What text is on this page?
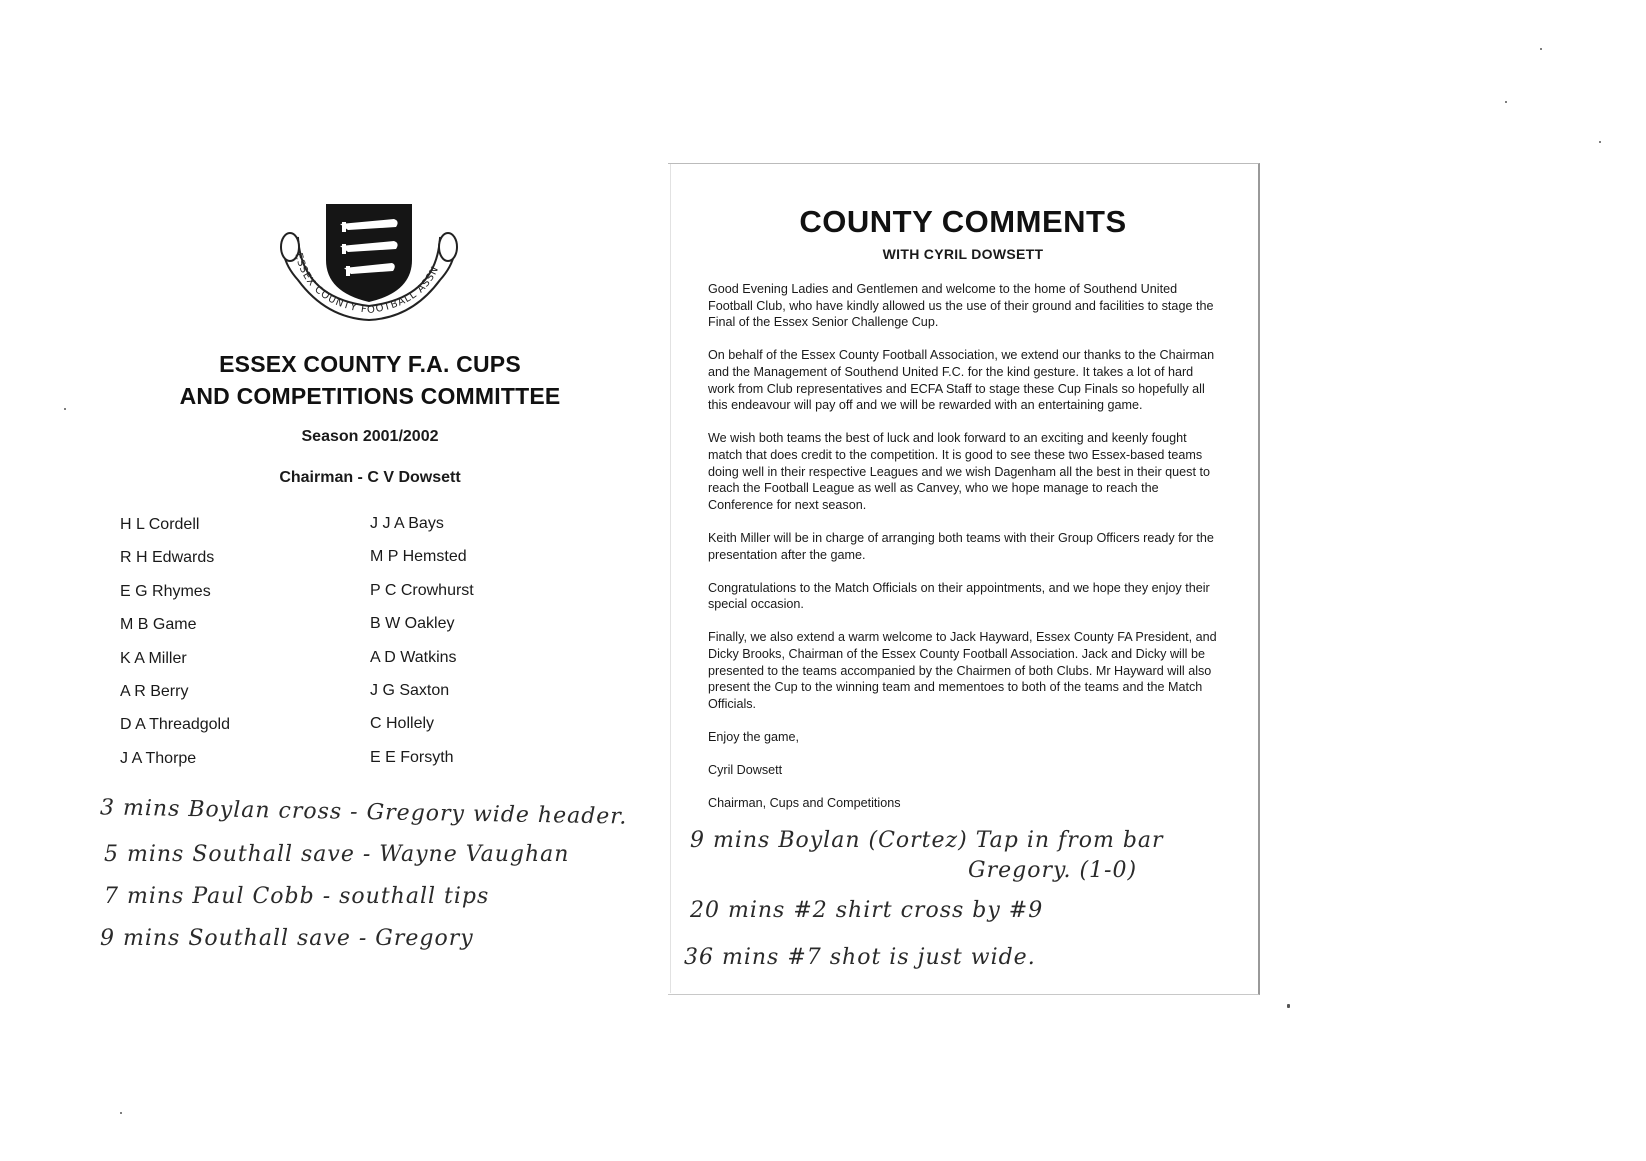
ESSEX COUNTY FOOTBALL ASSN
ESSEX COUNTY F.A. CUPS
AND COMPETITIONS COMMITTEE
Season 2001/2002
Chairman - C V Dowsett
H L Cordell
R H Edwards
E G Rhymes
M B Game
K A Miller
A R Berry
D A Threadgold
J A Thorpe
J J A Bays
M P Hemsted
P C Crowhurst
B W Oakley
A D Watkins
J G Saxton
C Hollely
E E Forsyth
3 mins Boylan cross - Gregory wide header.
5 mins Southall save - Wayne Vaughan
7 mins Paul Cobb - southall tips
9 mins Southall save - Gregory
COUNTY COMMENTS
WITH CYRIL DOWSETT

Good Evening Ladies and Gentlemen and welcome to the home of Southend United Football Club, who have kindly allowed us the use of their ground and facilities to stage the Final of the Essex Senior Challenge Cup.

On behalf of the Essex County Football Association, we extend our thanks to the Chairman and the Management of Southend United F.C. for the kind gesture. It takes a lot of hard work from Club representatives and ECFA Staff to stage these Cup Finals so hopefully all this endeavour will pay off and we will be rewarded with an entertaining game.

We wish both teams the best of luck and look forward to an exciting and keenly fought match that does credit to the competition. It is good to see these two Essex-based teams doing well in their respective Leagues and we wish Dagenham all the best in their quest to reach the Football League as well as Canvey, who we hope manage to reach the Conference for next season.

Keith Miller will be in charge of arranging both teams with their Group Officers ready for the presentation after the game.

Congratulations to the Match Officials on their appointments, and we hope they enjoy their special occasion.

Finally, we also extend a warm welcome to Jack Hayward, Essex County FA President, and Dicky Brooks, Chairman of the Essex County Football Association. Jack and Dicky will be presented to the teams accompanied by the Chairmen of both Clubs. Mr Hayward will also present the Cup to the winning team and mementoes to both of the teams and the Match Officials.

Enjoy the game,

Cyril Dowsett

Chairman, Cups and Competitions

9 mins Boylan (Cortez) Tap in from bar
Gregory. (1-0)
20 mins #2 shirt cross by #9
36 mins #7 shot is just wide.
